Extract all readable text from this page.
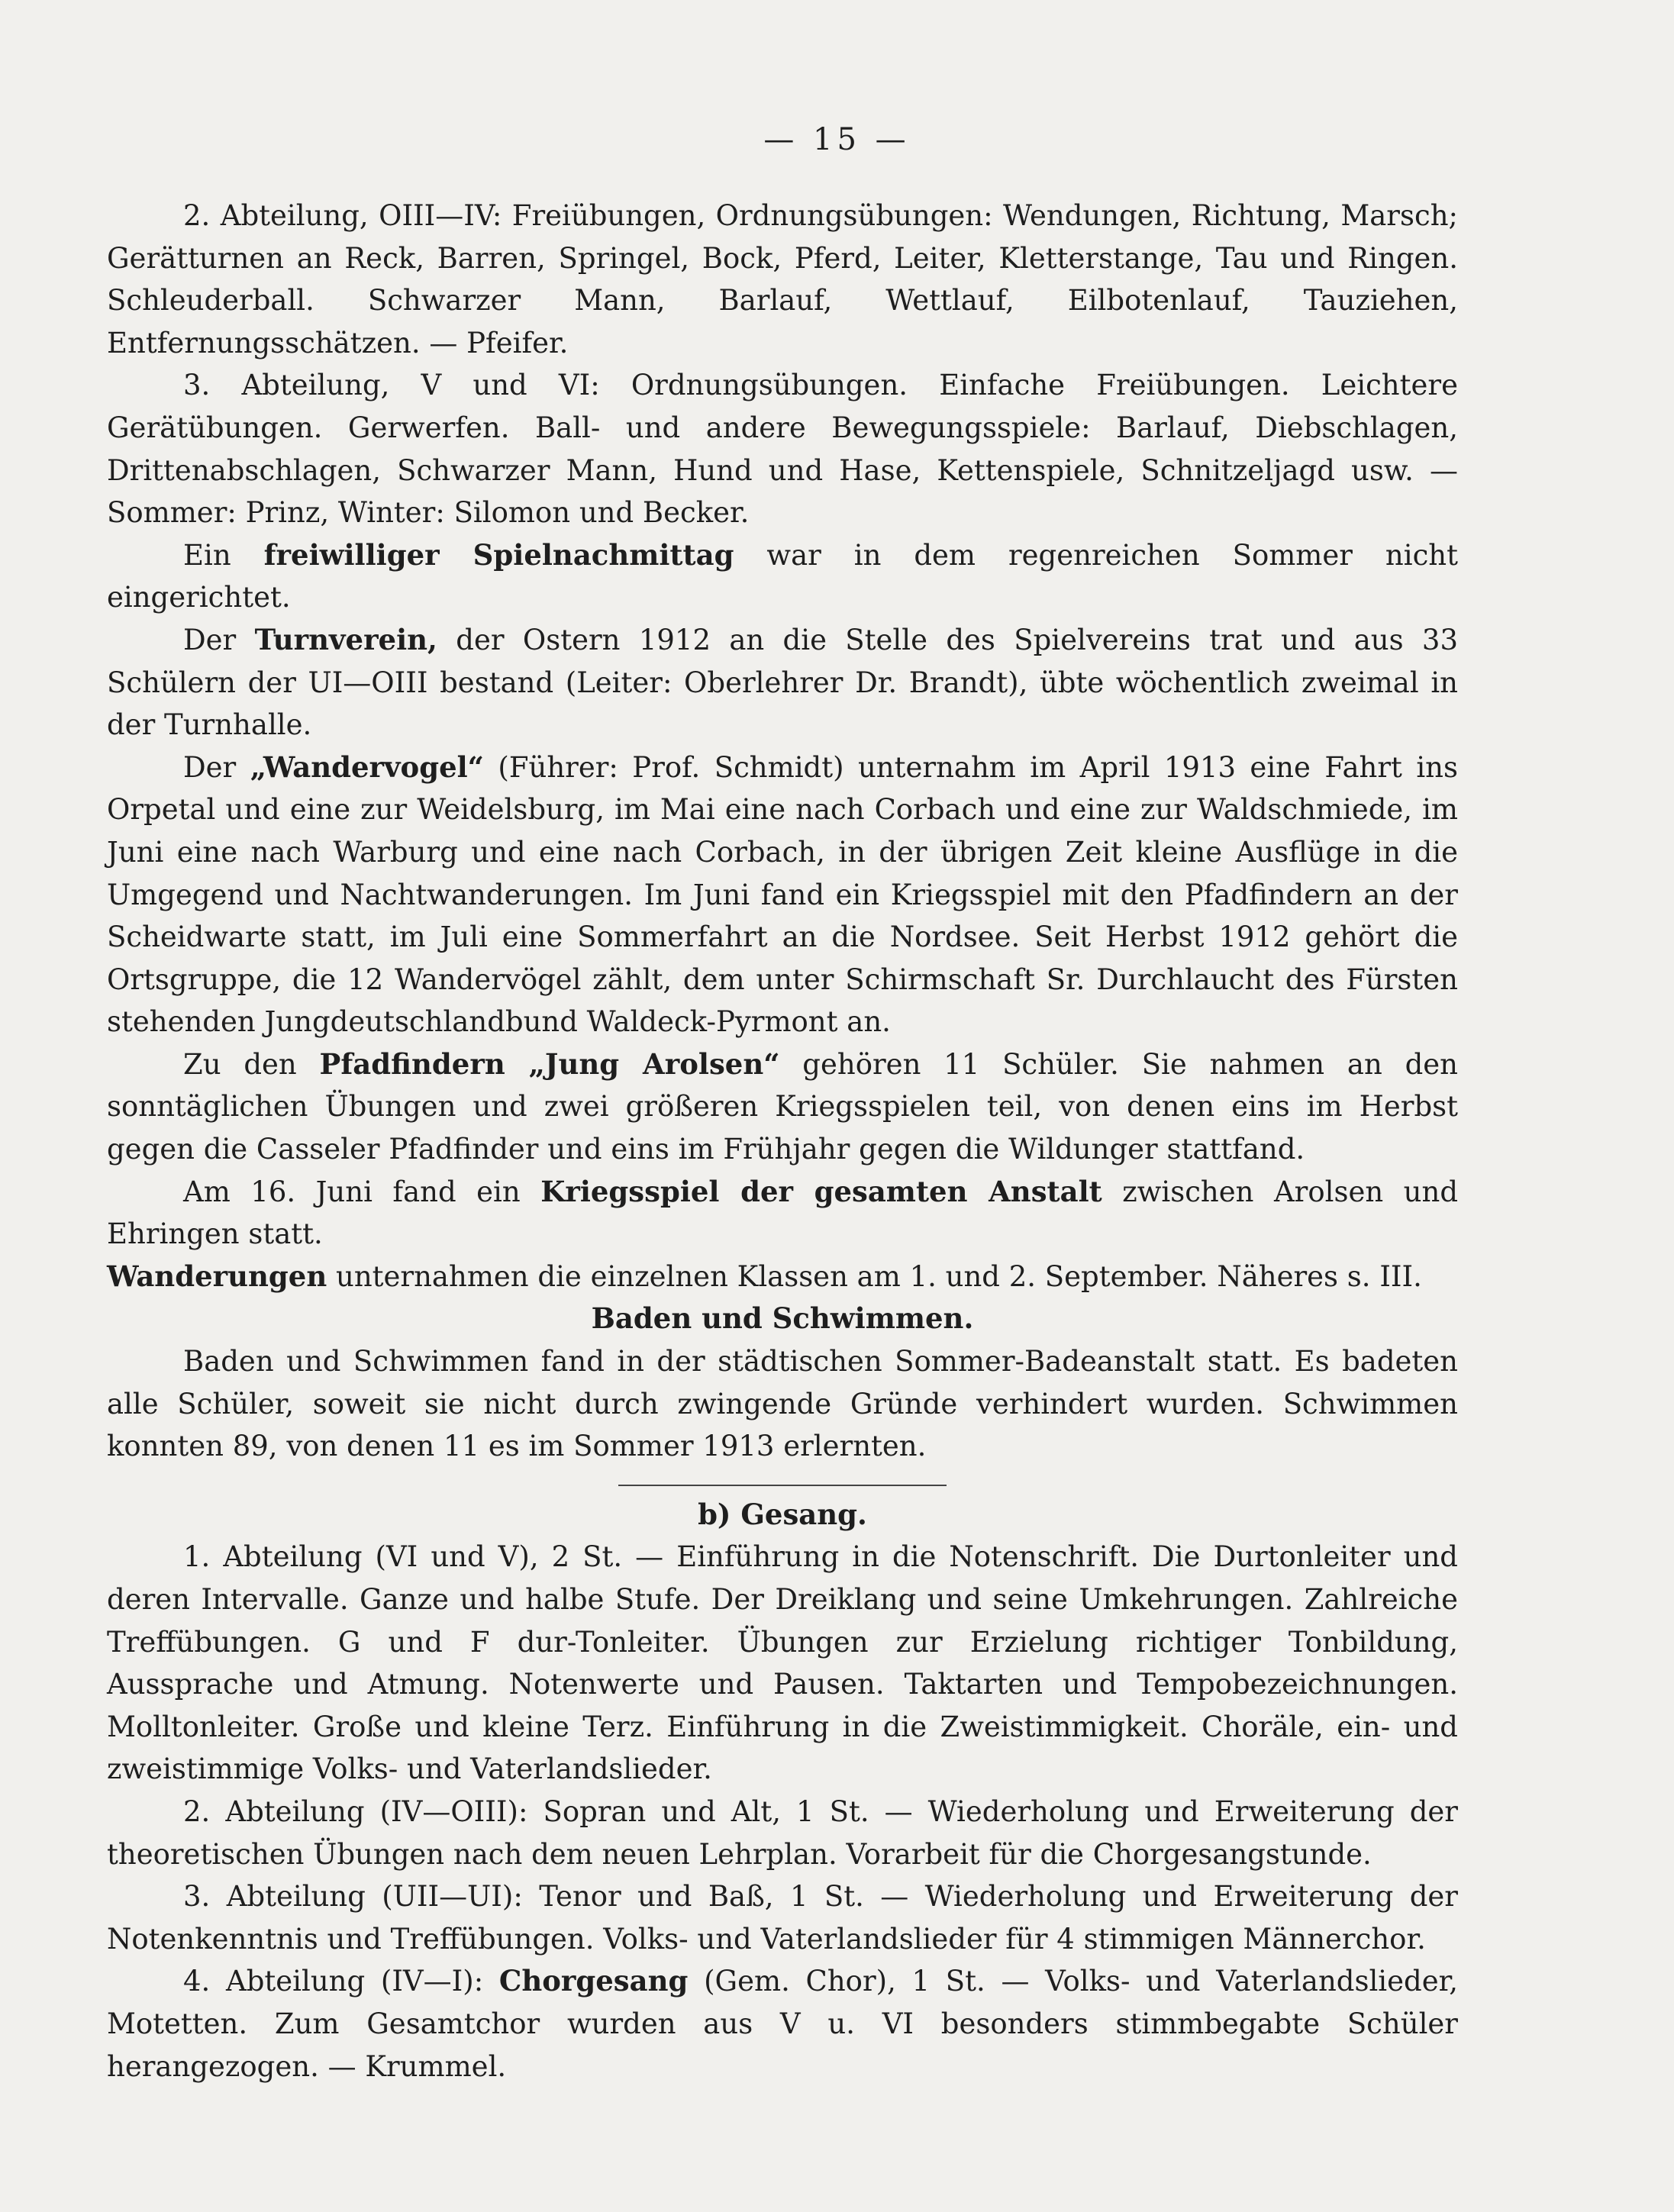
— 15 —

2. Abteilung, OIII—IV: Freiübungen, Ordnungsübungen: Wendungen, Richtung, Marsch; Gerätturnen an Reck, Barren, Springel, Bock, Pferd, Leiter, Kletterstange, Tau und Ringen. Schleuderball. Schwarzer Mann, Barlauf, Wettlauf, Eilbotenlauf, Tauziehen, Entfernungsschätzen. — Pfeifer.

3. Abteilung, V und VI: Ordnungsübungen. Einfache Freiübungen. Leichtere Gerätübungen. Gerwerfen. Ball- und andere Bewegungsspiele: Barlauf, Diebschlagen, Drittenabschlagen, Schwarzer Mann, Hund und Hase, Kettenspiele, Schnitzeljagd usw. — Sommer: Prinz, Winter: Silomon und Becker.

Ein freiwilliger Spielnachmittag war in dem regenreichen Sommer nicht eingerichtet.

Der Turnverein, der Ostern 1912 an die Stelle des Spielvereins trat und aus 33 Schülern der UI—OIII bestand (Leiter: Oberlehrer Dr. Brandt), übte wöchentlich zweimal in der Turnhalle.

Der „Wandervogel“ (Führer: Prof. Schmidt) unternahm im April 1913 eine Fahrt ins Orpetal und eine zur Weidelsburg, im Mai eine nach Corbach und eine zur Waldschmiede, im Juni eine nach Warburg und eine nach Corbach, in der übrigen Zeit kleine Ausflüge in die Umgegend und Nachtwanderungen. Im Juni fand ein Kriegsspiel mit den Pfadfindern an der Scheidwarte statt, im Juli eine Sommerfahrt an die Nordsee. Seit Herbst 1912 gehört die Ortsgruppe, die 12 Wandervögel zählt, dem unter Schirmschaft Sr. Durchlaucht des Fürsten stehenden Jungdeutschlandbund Waldeck-Pyrmont an.

Zu den Pfadfindern „Jung Arolsen“ gehören 11 Schüler. Sie nahmen an den sonntäglichen Übungen und zwei größeren Kriegsspielen teil, von denen eins im Herbst gegen die Casseler Pfadfinder und eins im Frühjahr gegen die Wildunger stattfand.

Am 16. Juni fand ein Kriegsspiel der gesamten Anstalt zwischen Arolsen und Ehringen statt.

Wanderungen unternahmen die einzelnen Klassen am 1. und 2. September. Näheres s. III.

Baden und Schwimmen.

Baden und Schwimmen fand in der städtischen Sommer-Badeanstalt statt. Es badeten alle Schüler, soweit sie nicht durch zwingende Gründe verhindert wurden. Schwimmen konnten 89, von denen 11 es im Sommer 1913 erlernten.

b) Gesang.

1. Abteilung (VI und V), 2 St. — Einführung in die Notenschrift. Die Durtonleiter und deren Intervalle. Ganze und halbe Stufe. Der Dreiklang und seine Umkehrungen. Zahlreiche Treffübungen. G und F dur-Tonleiter. Übungen zur Erzielung richtiger Tonbildung, Aussprache und Atmung. Notenwerte und Pausen. Taktarten und Tempobezeichnungen. Molltonleiter. Große und kleine Terz. Einführung in die Zweistimmigkeit. Choräle, ein- und zweistimmige Volks- und Vaterlandslieder.

2. Abteilung (IV—OIII): Sopran und Alt, 1 St. — Wiederholung und Erweiterung der theoretischen Übungen nach dem neuen Lehrplan. Vorarbeit für die Chorgesangstunde.

3. Abteilung (UII—UI): Tenor und Baß, 1 St. — Wiederholung und Erweiterung der Notenkenntnis und Treffübungen. Volks- und Vaterlandslieder für 4 stimmigen Männerchor.

4. Abteilung (IV—I): Chorgesang (Gem. Chor), 1 St. — Volks- und Vaterlandslieder, Motetten. Zum Gesamtchor wurden aus V u. VI besonders stimmbegabte Schüler herangezogen. — Krummel.
